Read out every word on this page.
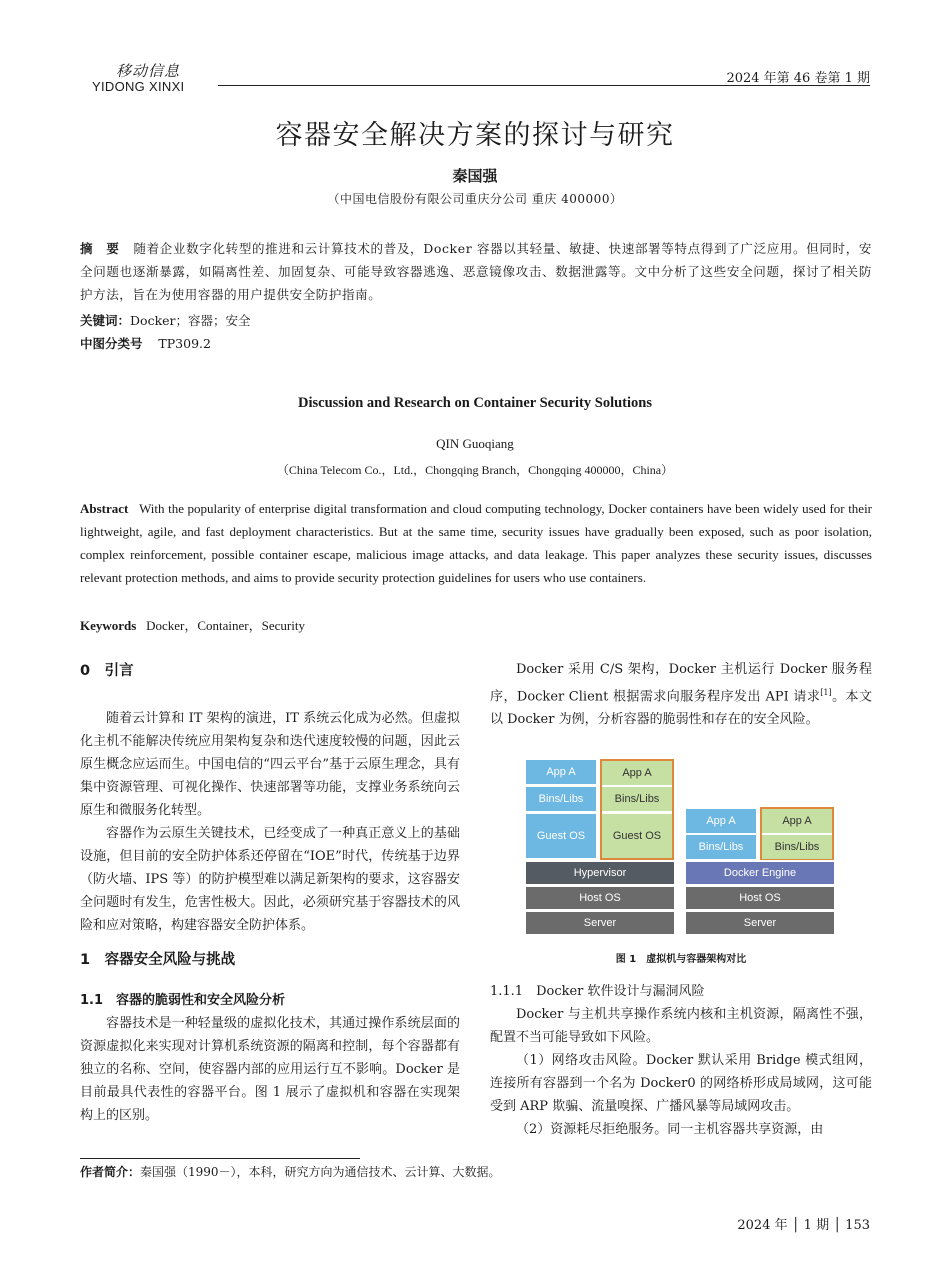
移动信息
YIDONG XINXI
2024 年第 46 卷第 1 期
容器安全解决方案的探讨与研究
秦国强
（中国电信股份有限公司重庆分公司 重庆 400000）
摘　要 随着企业数字化转型的推进和云计算技术的普及，Docker 容器以其轻量、敏捷、快速部署等特点得到了广泛应用。但同时，安全问题也逐渐暴露，如隔离性差、加固复杂、可能导致容器逃逸、恶意镜像攻击、数据泄露等。文中分析了这些安全问题，探讨了相关防护方法，旨在为使用容器的用户提供安全防护指南。
关键词：Docker；容器；安全
中图分类号 TP309.2
Discussion and Research on Container Security Solutions
QIN Guoqiang
（China Telecom Co.，Ltd.，Chongqing Branch，Chongqing 400000，China）
Abstract With the popularity of enterprise digital transformation and cloud computing technology, Docker containers have been widely used for their lightweight, agile, and fast deployment characteristics. But at the same time, security issues have gradually been exposed, such as poor isolation, complex reinforcement, possible container escape, malicious image attacks, and data leakage. This paper analyzes these security issues, discusses relevant protection methods, and aims to provide security protection guidelines for users who use containers.
Keywords Docker，Container，Security
0　引言

随着云计算和 IT 架构的演进，IT 系统云化成为必然。但虚拟化主机不能解决传统应用架构复杂和迭代速度较慢的问题，因此云原生概念应运而生。中国电信的“四云平台”基于云原生理念，具有集中资源管理、可视化操作、快速部署等功能，支撑业务系统向云原生和微服务化转型。

容器作为云原生关键技术，已经变成了一种真正意义上的基础设施，但目前的安全防护体系还停留在“IOE”时代，传统基于边界（防火墙、IPS 等）的防护模型难以满足新架构的要求，这容器安全问题时有发生，危害性极大。因此，必须研究基于容器技术的风险和应对策略，构建容器安全防护体系。

1　容器安全风险与挑战
1.1　容器的脆弱性和安全风险分析

容器技术是一种轻量级的虚拟化技术，其通过操作系统层面的资源虚拟化来实现对计算机系统资源的隔离和控制，每个容器都有独立的名称、空间，使容器内部的应用运行互不影响。Docker 是目前最具代表性的容器平台。图 1 展示了虚拟机和容器在实现架构上的区别。

Docker 采用 C/S 架构，Docker 主机运行 Docker 服务程序，Docker Client 根据需求向服务程序发出 API 请求[1]。本文以 Docker 为例，分析容器的脆弱性和存在的安全风险。

App A
Bins/Libs
Guest OS
App A
Bins/Libs
Guest OS
Hypervisor
Host OS
Server
App A
Bins/Libs
App A
Bins/Libs
Docker Engine
Host OS
Server
图 1　虚拟机与容器架构对比
1.1.1　Docker 软件设计与漏洞风险

Docker 与主机共享操作系统内核和主机资源，隔离性不强，配置不当可能导致如下风险。

（1）网络攻击风险。Docker 默认采用 Bridge 模式组网，连接所有容器到一个名为 Docker0 的网络桥形成局域网，这可能受到 ARP 欺骗、流量嗅探、广播风暴等局域网攻击。

（2）资源耗尽拒绝服务。同一主机容器共享资源，由

作者简介：秦国强（1990－），本科，研究方向为通信技术、云计算、大数据。
2024 年 │ 1 期 │ 153
